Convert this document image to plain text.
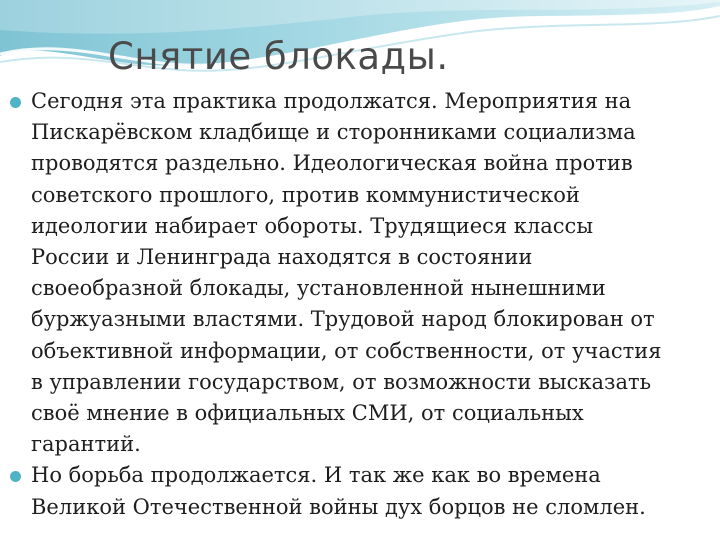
Снятие блокады.
Сегодня эта практика продолжатся. Мероприятия на
Пискарёвском кладбище и сторонниками социализма
проводятся раздельно. Идеологическая война против
советского прошлого, против коммунистической
идеологии набирает обороты. Трудящиеся классы
России и Ленинграда находятся в состоянии
своеобразной блокады, установленной нынешними
буржуазными властями. Трудовой народ блокирован от
объективной информации, от собственности, от участия
в управлении государством, от возможности высказать
своё мнение в официальных СМИ, от социальных
гарантий.
Но борьба продолжается. И так же как во времена
Великой Отечественной войны дух борцов не сломлен.
